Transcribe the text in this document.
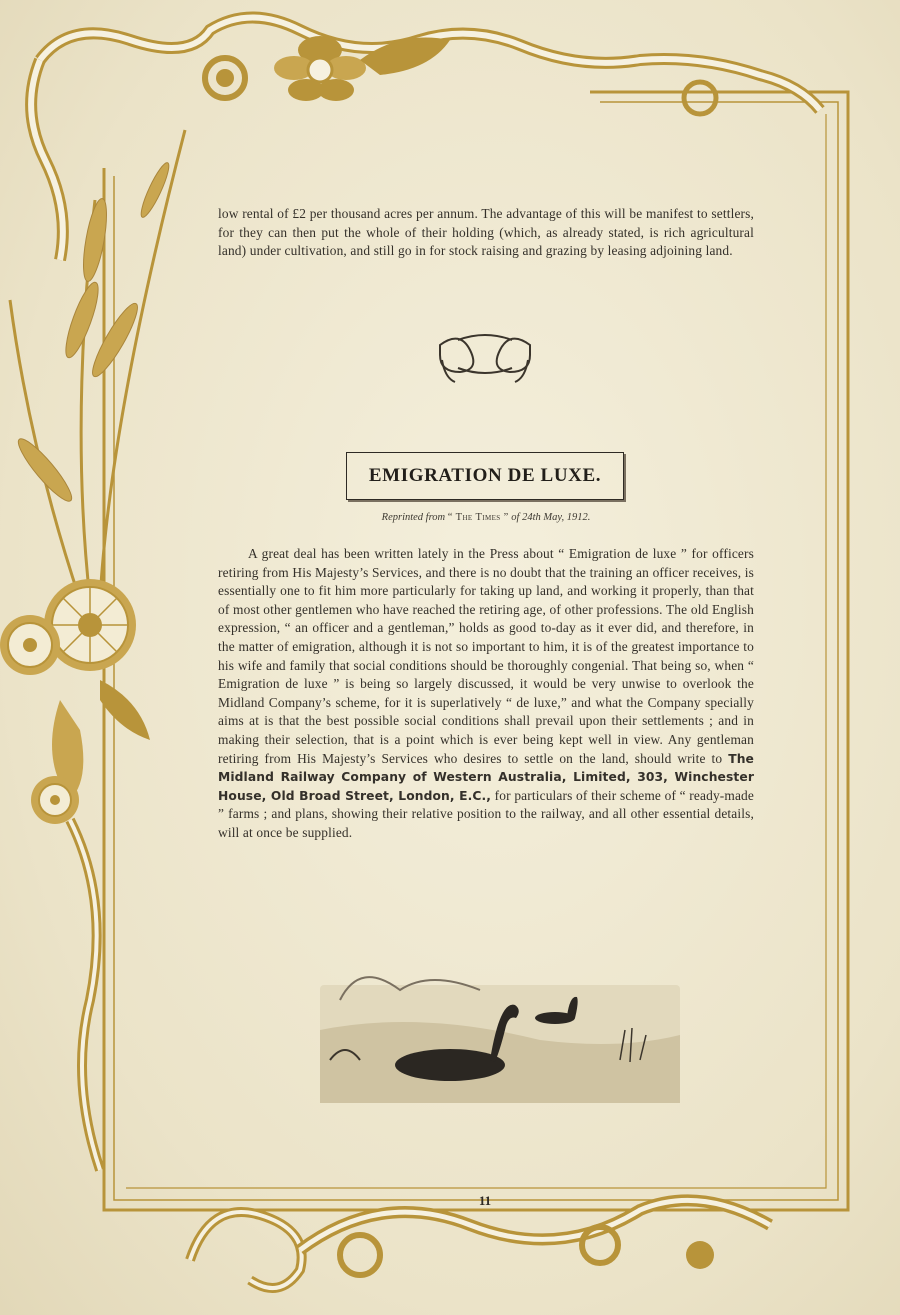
low rental of £2 per thousand acres per annum. The advantage of this will be manifest to settlers, for they can then put the whole of their holding (which, as already stated, is rich agricultural land) under cultivation, and still go in for stock raising and grazing by leasing adjoining land.
EMIGRATION DE LUXE.
Reprinted from “ The Times ” of 24th May, 1912.
A great deal has been written lately in the Press about “ Emigration de luxe ” for officers retiring from His Majesty’s Services, and there is no doubt that the training an officer receives, is essentially one to fit him more particularly for taking up land, and working it properly, than that of most other gentlemen who have reached the retiring age, of other professions. The old English expression, “ an officer and a gentleman,” holds as good to-day as it ever did, and therefore, in the matter of emigration, although it is not so important to him, it is of the greatest importance to his wife and family that social conditions should be thoroughly congenial. That being so, when “ Emigration de luxe ” is being so largely discussed, it would be very unwise to overlook the Midland Company’s scheme, for it is superlatively “ de luxe,” and what the Company specially aims at is that the best possible social conditions shall prevail upon their settlements ; and in making their selection, that is a point which is ever being kept well in view. Any gentleman retiring from His Majesty’s Services who desires to settle on the land, should write to The Midland Railway Company of Western Australia, Limited, 303, Winchester House, Old Broad Street, London, E.C., for particulars of their scheme of “ ready-made ” farms ; and plans, showing their relative position to the railway, and all other essential details, will at once be supplied.
11
